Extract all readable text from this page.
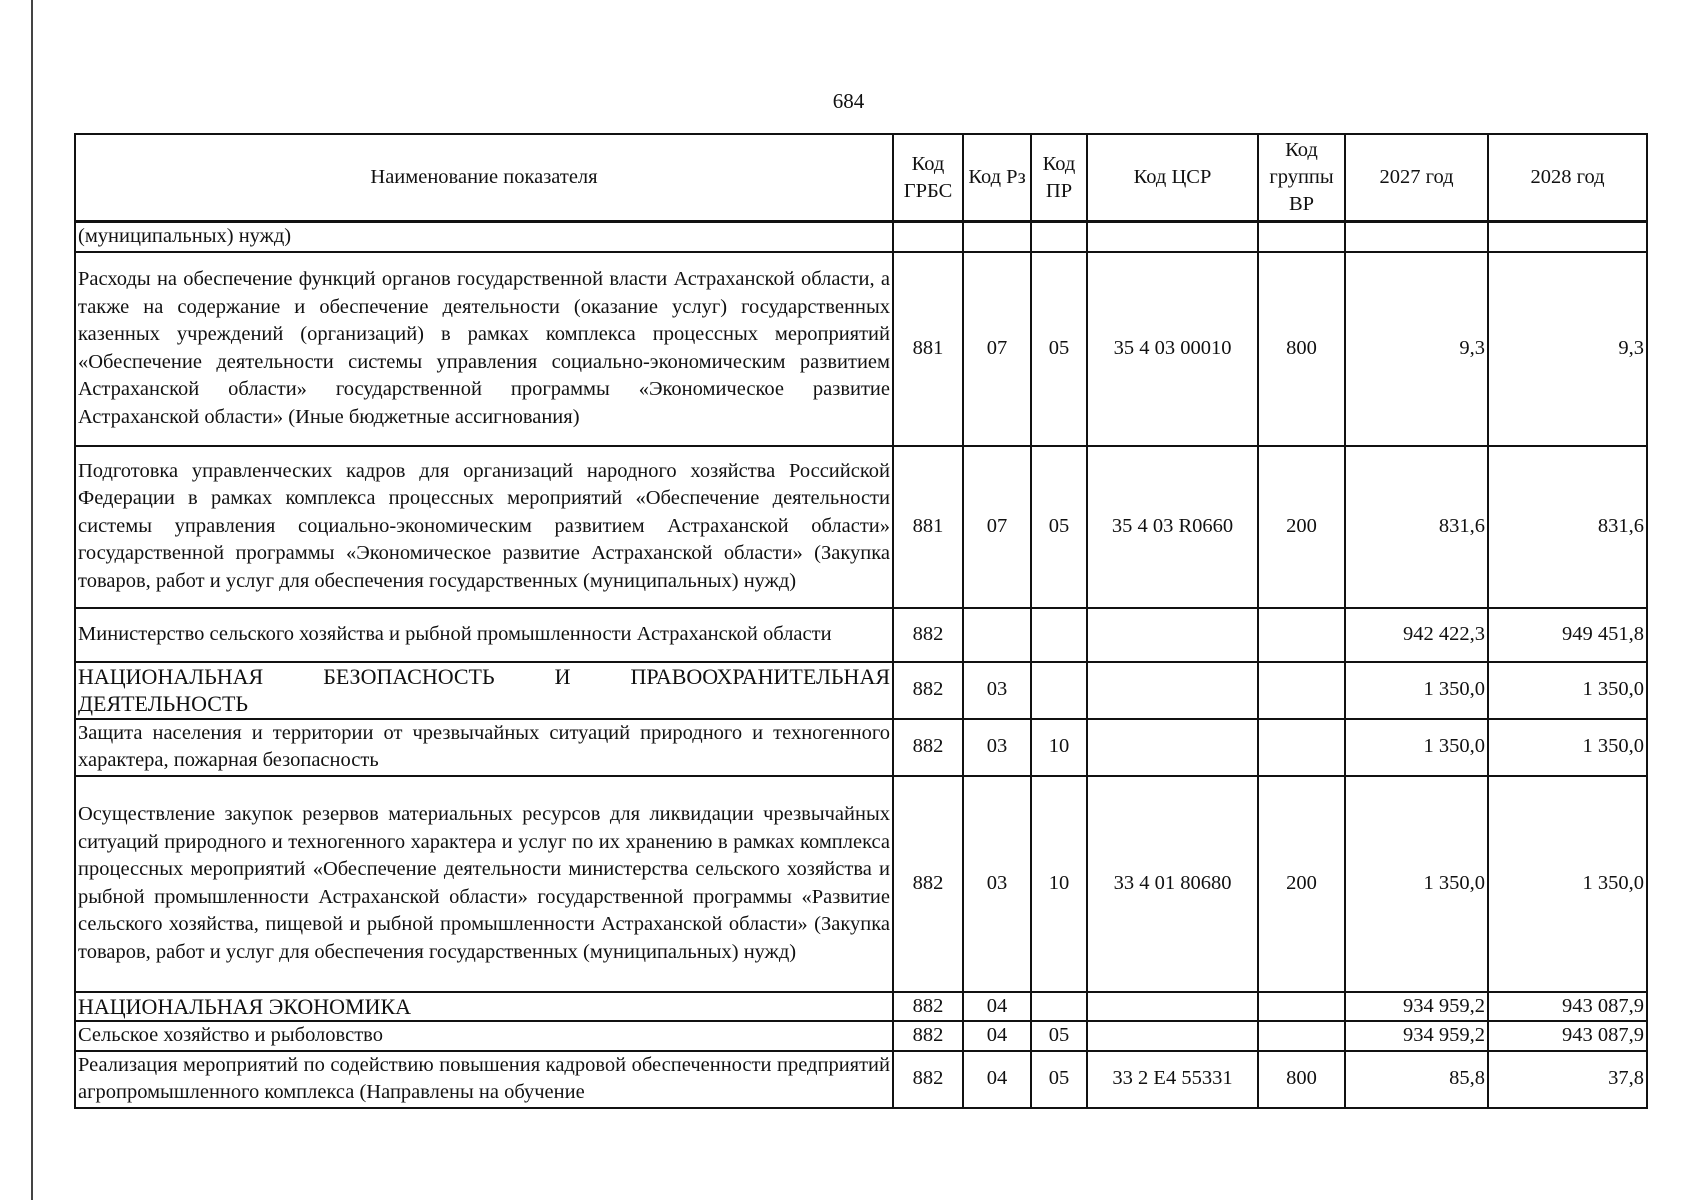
684
Наименование показателя	Код ГРБС	Код Рз	Код ПР	Код ЦСР	Код группы ВР	2027 год	2028 год
(муниципальных) нужд)							
Расходы на обеспечение функций органов государственной власти Астраханской области, а также на содержание и обеспечение деятельности (оказание услуг) государственных казенных учреждений (организаций) в рамках комплекса процессных мероприятий «Обеспечение деятельности системы управления социально-экономическим развитием Астраханской области» государственной программы «Экономическое развитие Астраханской области» (Иные бюджетные ассигнования)	881	07	05	35 4 03 00010	800	9,3	9,3
Подготовка управленческих кадров для организаций народного хозяйства Российской Федерации в рамках комплекса процессных мероприятий «Обеспечение деятельности системы управления социально-экономическим развитием Астраханской области» государственной программы «Экономическое развитие Астраханской области» (Закупка товаров, работ и услуг для обеспечения государственных (муниципальных) нужд)	881	07	05	35 4 03 R0660	200	831,6	831,6
Министерство сельского хозяйства и рыбной промышленности Астраханской области	882					942 422,3	949 451,8
НАЦИОНАЛЬНАЯ БЕЗОПАСНОСТЬ И ПРАВООХРАНИТЕЛЬНАЯ ДЕЯТЕЛЬНОСТЬ	882	03				1 350,0	1 350,0
Защита населения и территории от чрезвычайных ситуаций природного и техногенного характера, пожарная безопасность	882	03	10			1 350,0	1 350,0
Осуществление закупок резервов материальных ресурсов для ликвидации чрезвычайных ситуаций природного и техногенного характера и услуг по их хранению в рамках комплекса процессных мероприятий «Обеспечение деятельности министерства сельского хозяйства и рыбной промышленности Астраханской области» государственной программы «Развитие сельского хозяйства, пищевой и рыбной промышленности Астраханской области» (Закупка товаров, работ и услуг для обеспечения государственных (муниципальных) нужд)	882	03	10	33 4 01 80680	200	1 350,0	1 350,0
НАЦИОНАЛЬНАЯ ЭКОНОМИКА	882	04				934 959,2	943 087,9
Сельское хозяйство и рыболовство	882	04	05			934 959,2	943 087,9
Реализация мероприятий по содействию повышения кадровой обеспеченности предприятий агропромышленного комплекса (Направлены на обучение	882	04	05	33 2 Е4 55331	800	85,8	37,8
